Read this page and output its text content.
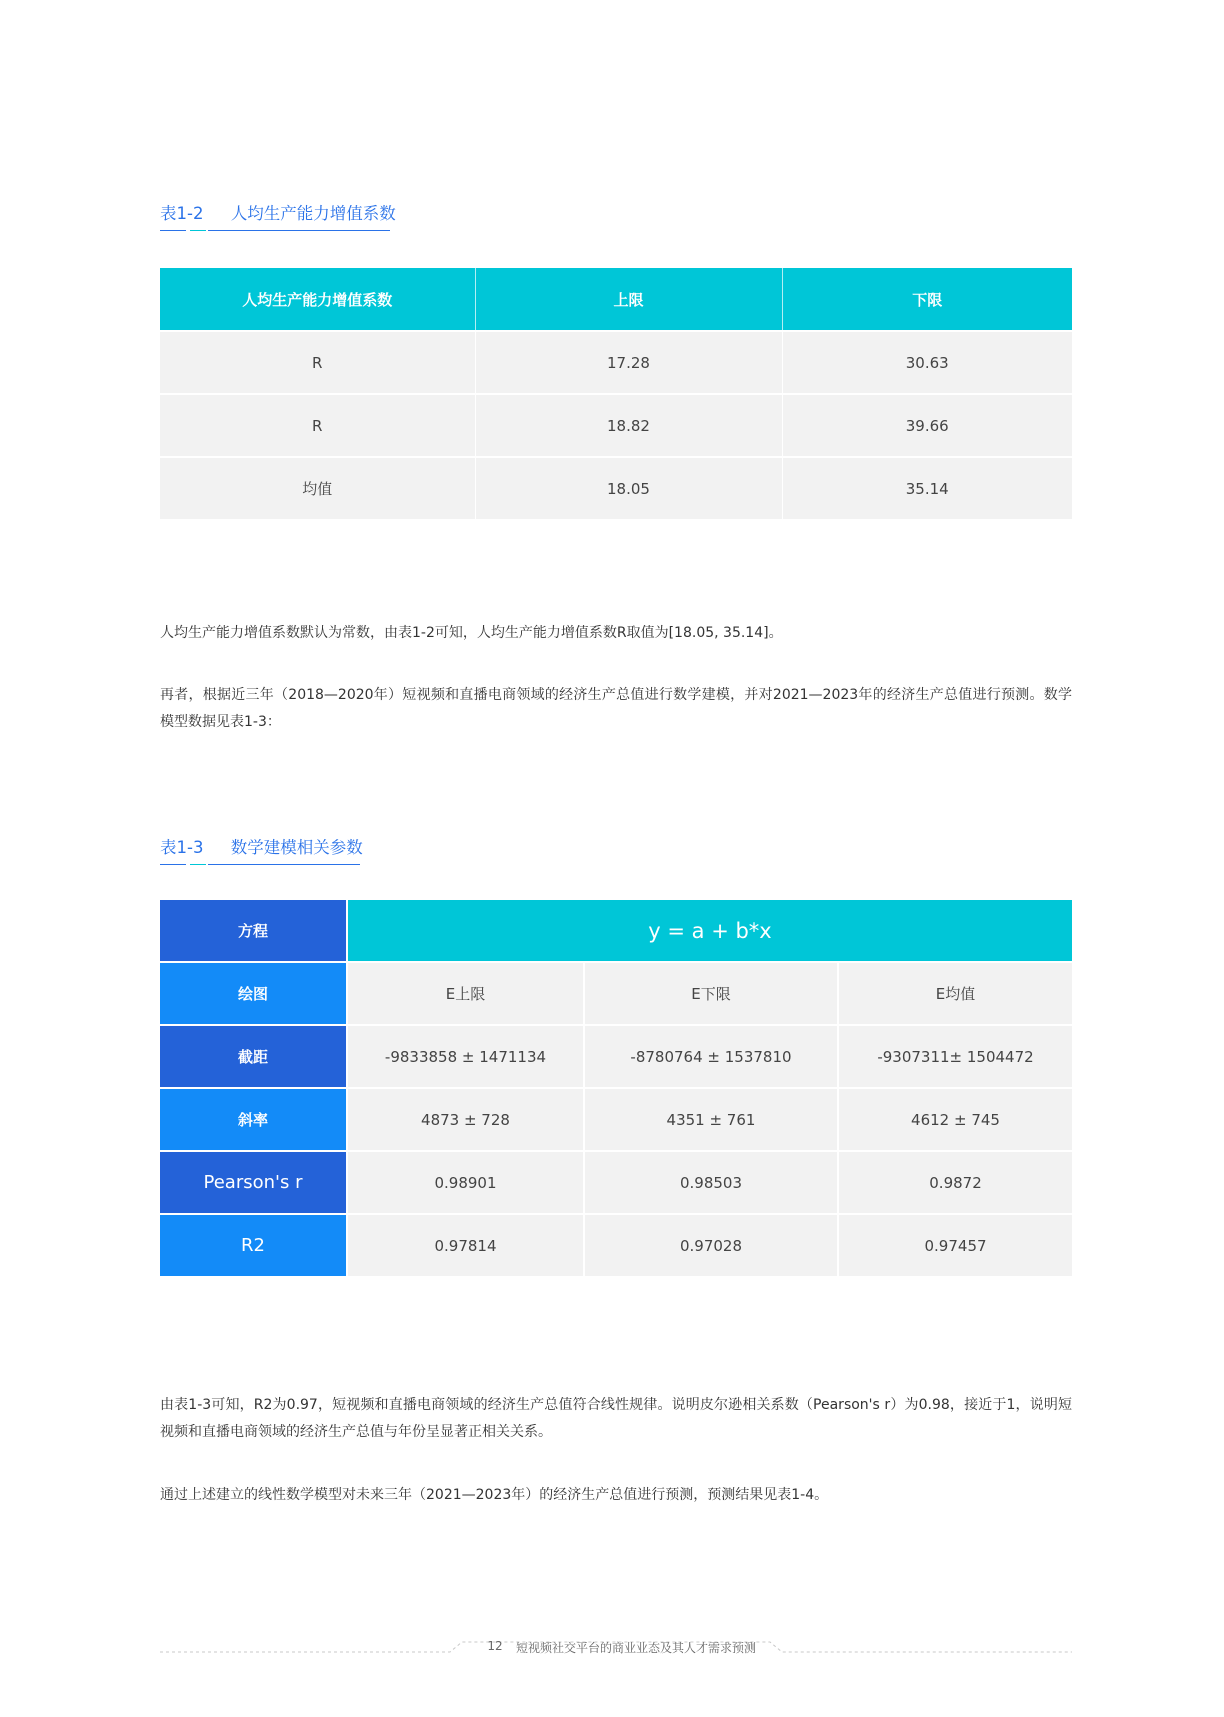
表1-2 人均生产能力增值系数
人均生产能力增值系数	上限	下限
R	17.28	30.63
R	18.82	39.66
均值	18.05	35.14
人均生产能力增值系数默认为常数，由表1-2可知，人均生产能力增值系数R取值为[18.05, 35.14]。
再者，根据近三年（2018—2020年）短视频和直播电商领域的经济生产总值进行数学建模，并对2021—2023年的经济生产总值进行预测。数学模型数据见表1-3：
表1-3 数学建模相关参数
方程	y = a + b*x		
绘图	E上限	E下限	E均值
截距	-9833858 ± 1471134	-8780764 ± 1537810	-9307311± 1504472
斜率	4873 ± 728	4351 ± 761	4612 ± 745
Pearson's r	0.98901	0.98503	0.9872
R2	0.97814	0.97028	0.97457
由表1-3可知，R2为0.97，短视频和直播电商领域的经济生产总值符合线性规律。说明皮尔逊相关系数（Pearson's r）为0.98，接近于1，说明短视频和直播电商领域的经济生产总值与年份呈显著正相关关系。
通过上述建立的线性数学模型对未来三年（2021—2023年）的经济生产总值进行预测，预测结果见表1-4。
12	短视频社交平台的商业业态及其人才需求预测
